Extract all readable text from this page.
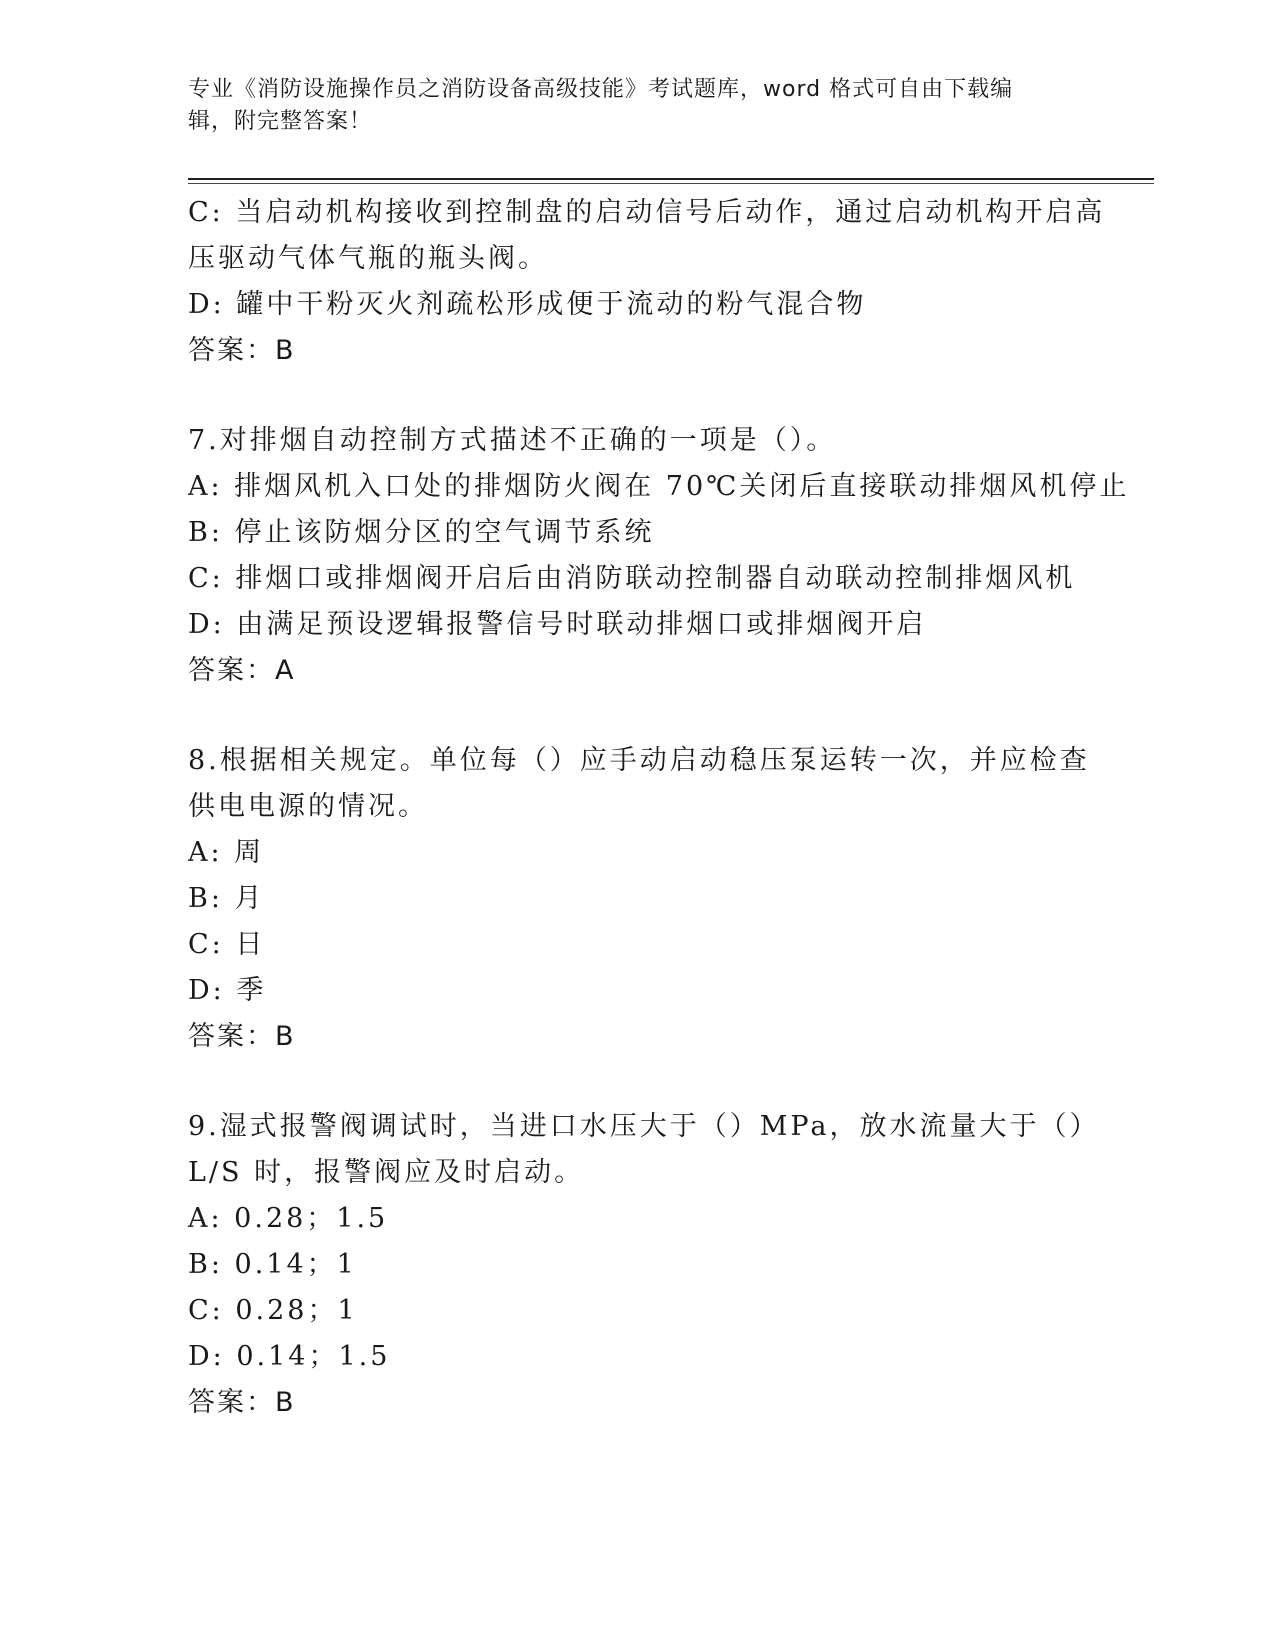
专业《消防设施操作员之消防设备高级技能》考试题库，word 格式可自由下载编
辑，附完整答案！

C: 当启动机构接收到控制盘的启动信号后动作，通过启动机构开启高

压驱动气体气瓶的瓶头阀。

D: 罐中干粉灭火剂疏松形成便于流动的粉气混合物

答案：B

7.对排烟自动控制方式描述不正确的一项是（）。

A: 排烟风机入口处的排烟防火阀在 70℃关闭后直接联动排烟风机停止

B: 停止该防烟分区的空气调节系统

C: 排烟口或排烟阀开启后由消防联动控制器自动联动控制排烟风机

D: 由满足预设逻辑报警信号时联动排烟口或排烟阀开启

答案：A

8.根据相关规定。单位每（）应手动启动稳压泵运转一次，并应检查

供电电源的情况。

A: 周

B: 月

C: 日

D: 季

答案：B

9.湿式报警阀调试时，当进口水压大于（）MPa，放水流量大于（）

L/S 时，报警阀应及时启动。

A: 0.28；1.5

B: 0.14；1

C: 0.28；1

D: 0.14；1.5

答案：B
